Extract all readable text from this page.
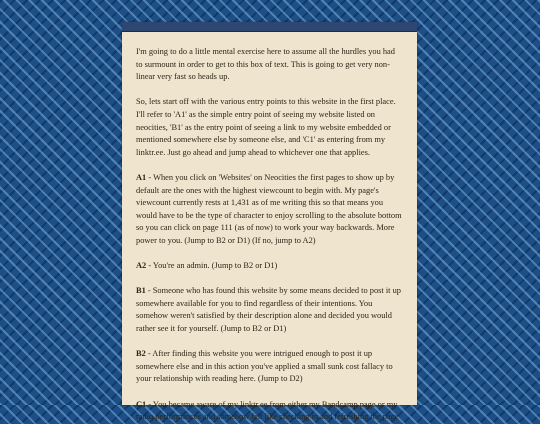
I'm going to do a little mental exercise here to assume all the hurdles you had to surmount in order to get to this box of text. This is going to get very non-linear very fast so heads up.

So, lets start off with the various entry points to this website in the first place. I'll refer to 'A1' as the simple entry point of seeing my website listed on neocities, 'B1' as the entry point of seeing a link to my website embedded or mentioned somewhere else by someone else, and 'C1' as entering from my linktr.ee. Just go ahead and jump ahead to whichever one that applies.

A1 - When you click on 'Websites' on Neocities the first pages to show up by default are the ones with the highest viewcount to begin with. My page's viewcount currently rests at 1,431 as of me writing this so that means you would have to be the type of character to enjoy scrolling to the absolute bottom so you can click on page 111 (as of now) to work your way backwards. More power to you. (Jump to B2 or D1) (If no, jump to A2)

A2 - You're an admin. (Jump to B2 or D1)

B1 - Someone who has found this website by some means decided to post it up somewhere available for you to find regardless of their intentions. You somehow weren't satisfied by their description alone and decided you would rather see it for yourself. (Jump to B2 or D1)

B2 - After finding this website you were intrigued enough to post it up somewhere else and in this action you've applied a small sunk cost fallacy to your relationship with reading here. (Jump to D2)

C1 - You became aware of my linktr.ee from either my Bandcamp page or my radio performances and somehow felt like checking in and refreshing the page
